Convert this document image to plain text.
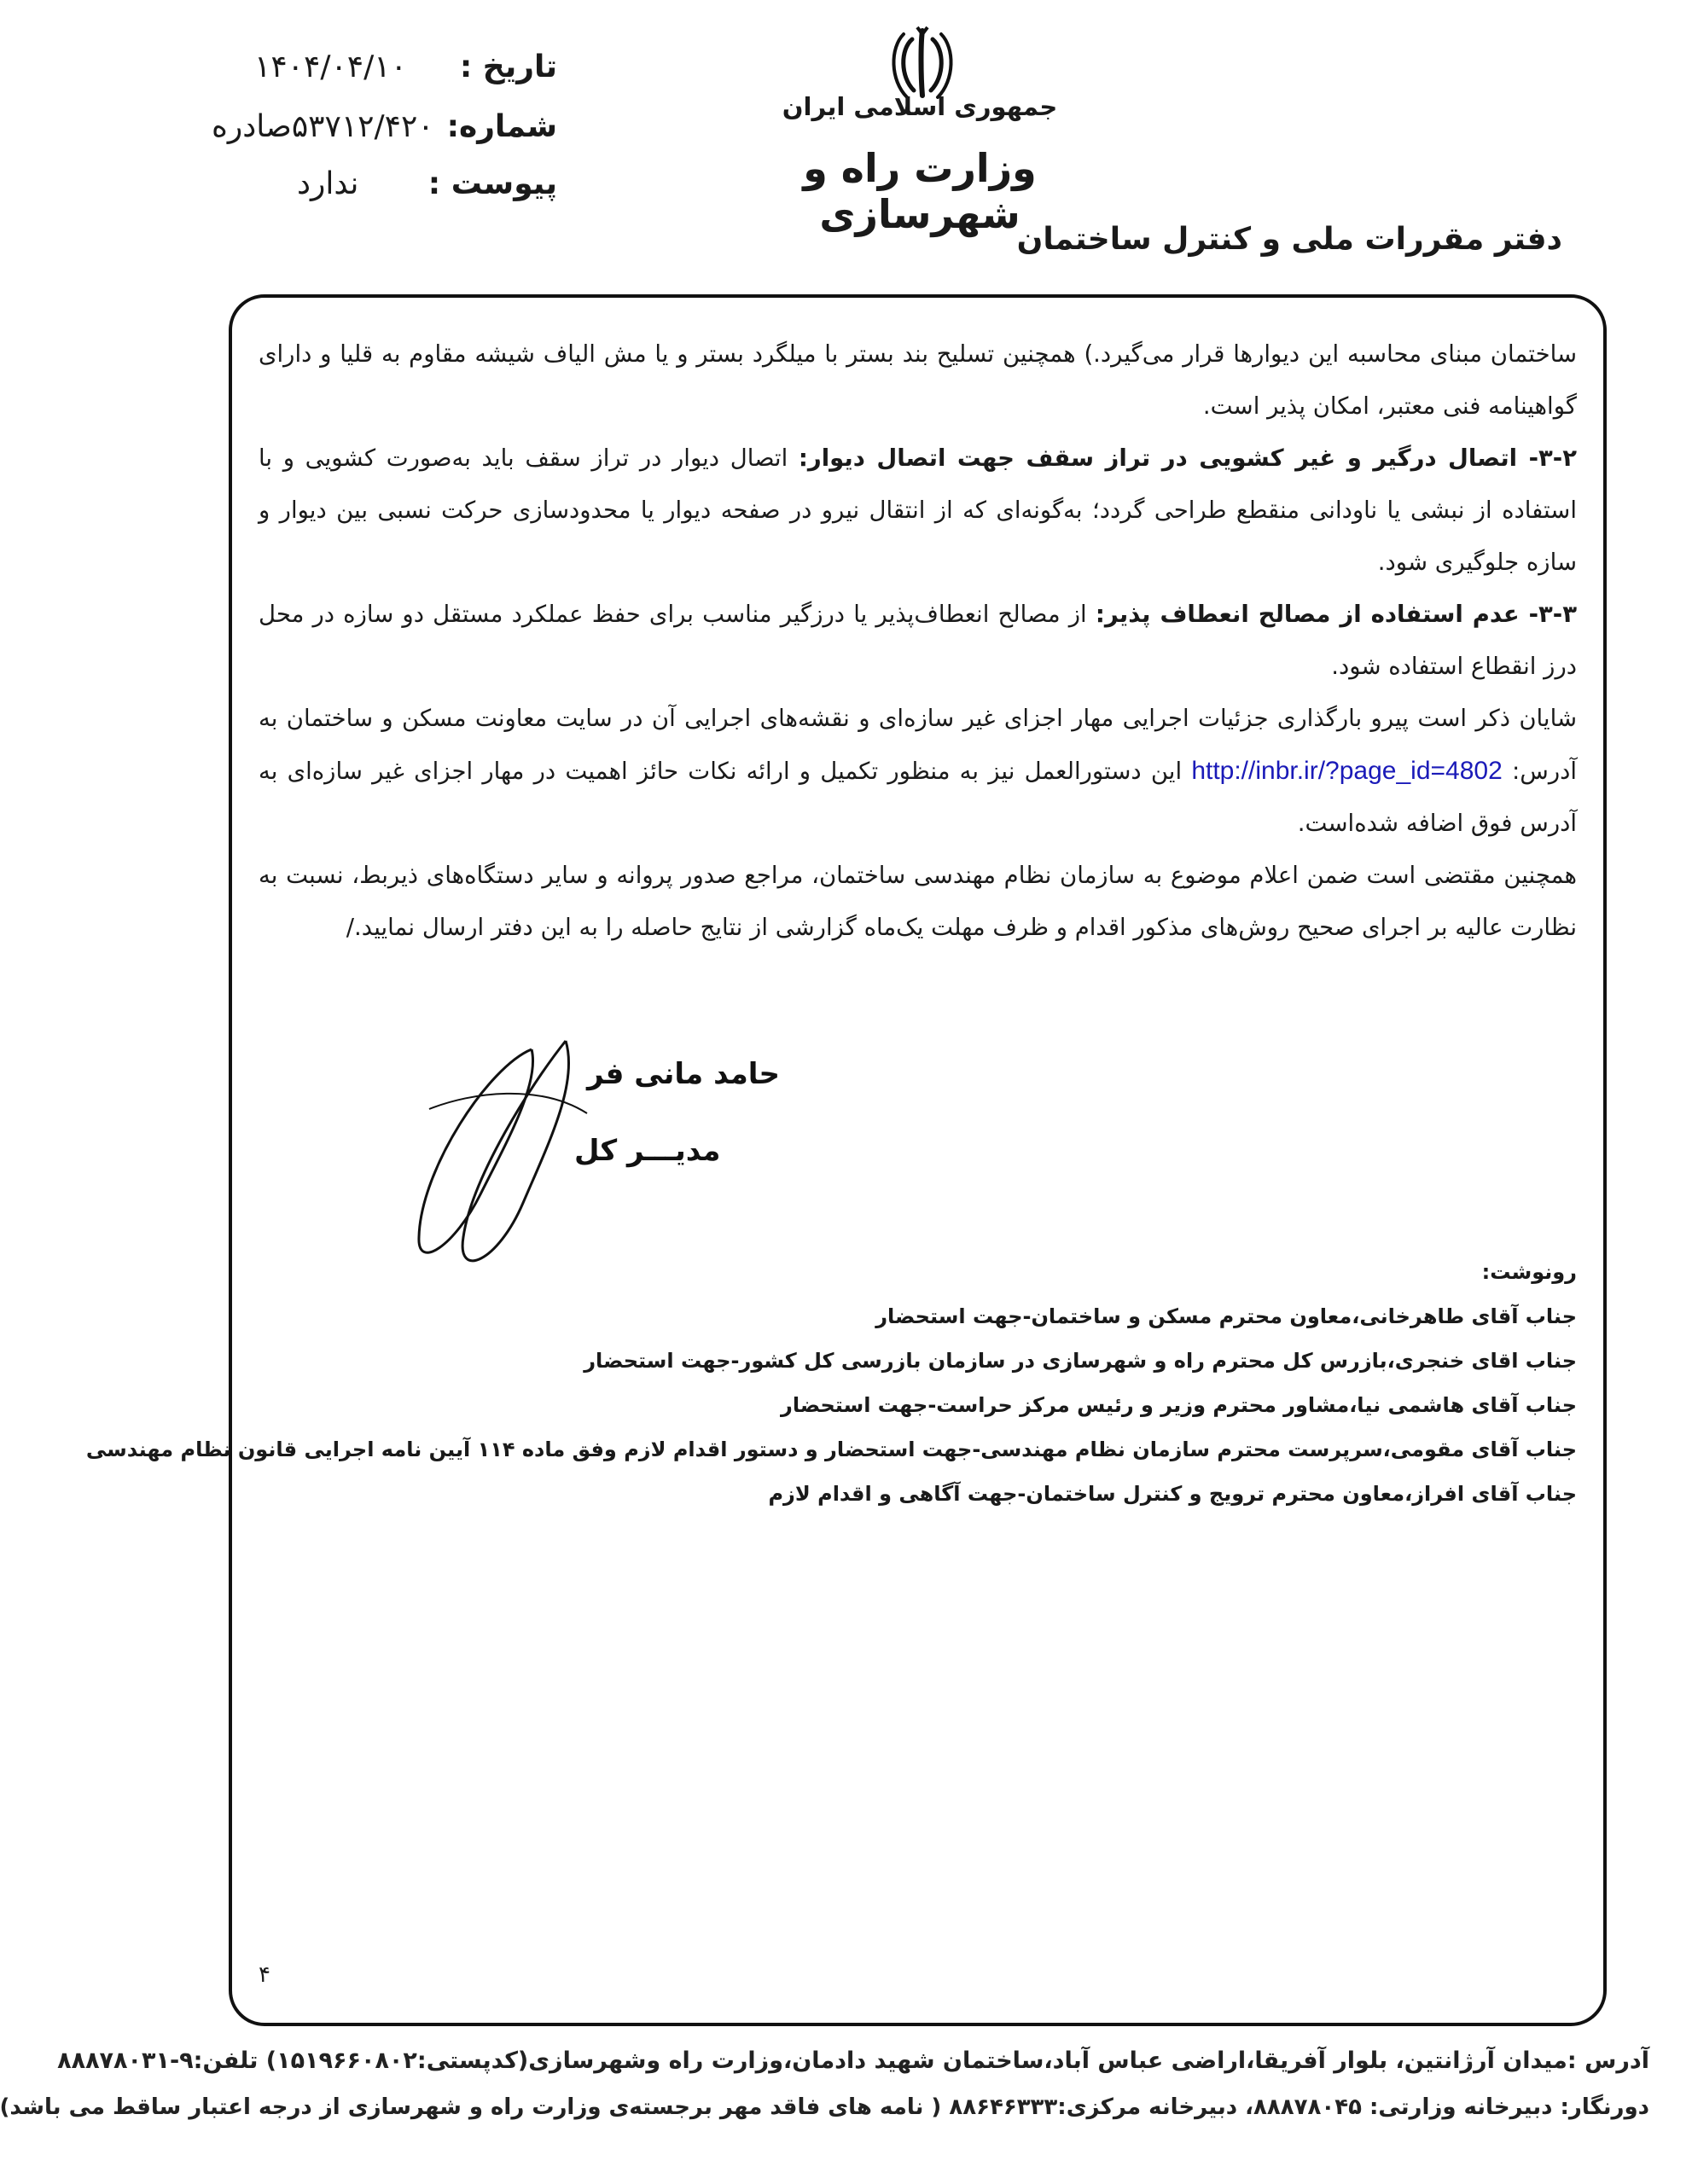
تاریخ :
۱۴۰۴/۰۴/۱۰
شماره:
۵۳۷۱۲/۴۲۰صادره
پیوست :
ندارد
جمهوری اسلامی ایران
وزارت راه و شهرسازی
دفتر مقررات ملی و کنترل ساختمان

ساختمان مبنای محاسبه این دیوارها قرار می‌گیرد.) همچنین تسلیح بند بستر با میلگرد بستر و یا مش الیاف شیشه مقاوم به قلیا و دارای گواهینامه فنی معتبر، امکان پذیر است.

۳-۲- اتصال درگیر و غیر کشویی در تراز سقف جهت اتصال دیوار: اتصال دیوار در تراز سقف باید به‌صورت کشویی و با استفاده از نبشی یا ناودانی منقطع طراحی گردد؛ به‌گونه‌ای که از انتقال نیرو در صفحه دیوار یا محدودسازی حرکت نسبی بین دیوار و سازه جلوگیری شود.

۳-۳- عدم استفاده از مصالح انعطاف پذیر: از مصالح انعطاف‌پذیر یا درزگیر مناسب برای حفظ عملکرد مستقل دو سازه در محل درز انقطاع استفاده شود.

شایان ذکر است پیرو بارگذاری جزئیات اجرایی مهار اجزای غیر سازه‌ای و نقشه‌های اجرایی آن در سایت معاونت مسکن و ساختمان به آدرس: http://inbr.ir/?page_id=4802 این دستورالعمل نیز به منظور تکمیل و ارائه نکات حائز اهمیت در مهار اجزای غیر سازه‌ای به آدرس فوق اضافه شده‌است.

همچنین مقتضی است ضمن اعلام موضوع به سازمان نظام مهندسی ساختمان، مراجع صدور پروانه و سایر دستگاه‌های ذیربط، نسبت به نظارت عالیه بر اجرای صحیح روش‌های مذکور اقدام و ظرف مهلت یک‌ماه گزارشی از نتایج حاصله را به این دفتر ارسال نمایید./

حامد مانی فر
مدیـــر کل
رونوشت:
جناب آقای طاهرخانی،معاون محترم مسکن و ساختمان-جهت استحضار
جناب اقای خنجری،بازرس کل محترم راه و شهرسازی در سازمان بازرسی کل کشور-جهت استحضار
جناب آقای هاشمی نیا،مشاور محترم وزیر و رئیس مرکز حراست-جهت استحضار
جناب آقای مقومی،سرپرست محترم سازمان نظام مهندسی-جهت استحضار و دستور اقدام لازم وفق ماده ۱۱۴ آیین نامه اجرایی قانون نظام مهندسی
جناب آقای افراز،معاون محترم ترویج و کنترل ساختمان-جهت آگاهی و اقدام لازم
۴
آدرس :میدان آرژانتین، بلوار آفریقا،اراضی عباس آباد،ساختمان شهید دادمان،وزارت راه وشهرسازی(کدپستی:۱۵۱۹۶۶۰۸۰۲) تلفن:۹-۸۸۸۷۸۰۳۱
دورنگار: دبیرخانه وزارتی: ۸۸۸۷۸۰۴۵، دبیرخانه مرکزی:۸۸۶۴۶۳۳۳ ( نامه های فاقد مهر برجسته‌ی وزارت راه و شهرسازی از درجه اعتبار ساقط می باشد)
